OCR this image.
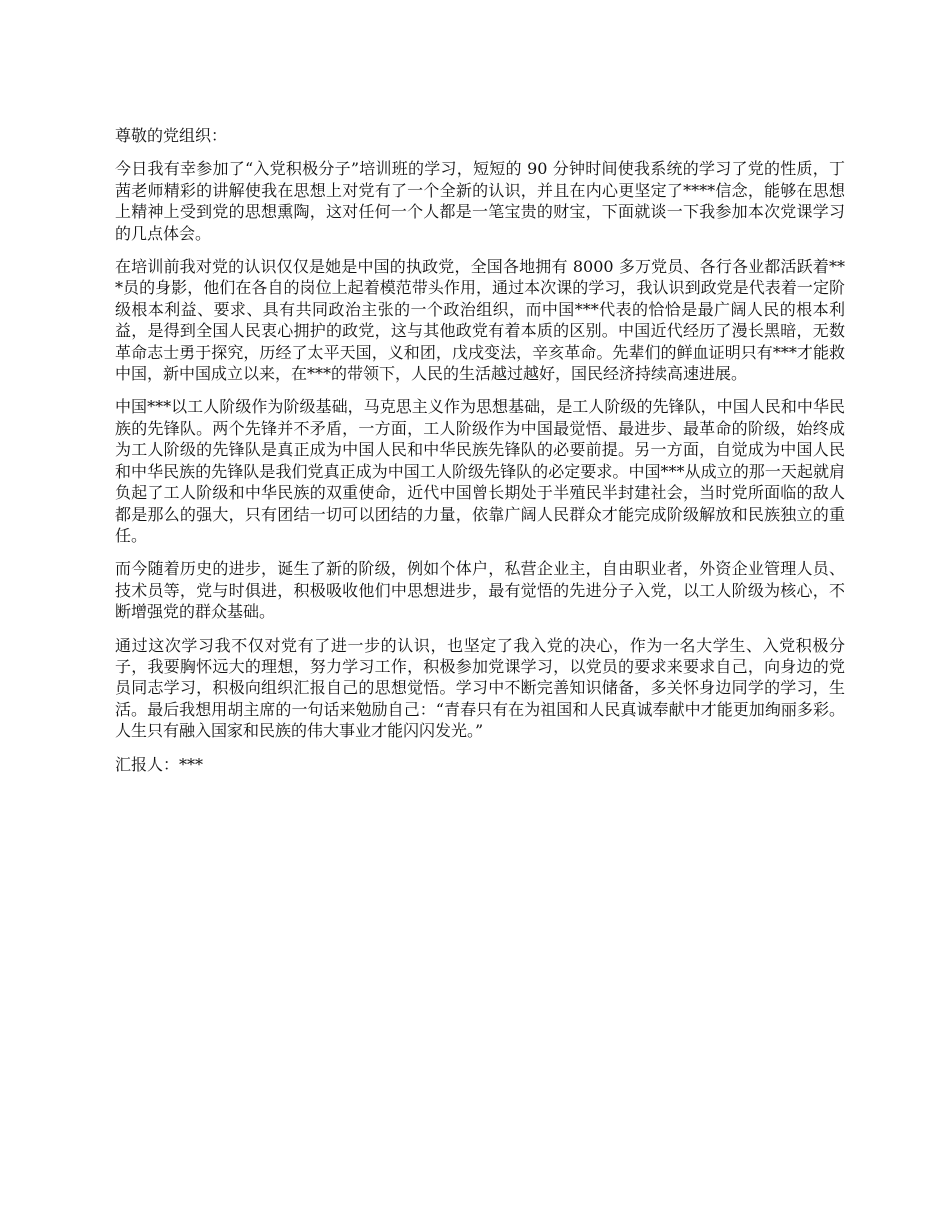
尊敬的党组织：

今日我有幸参加了“入党积极分子”培训班的学习，短短的 90 分钟时间使我系统的学习了党的性质，丁茜老师精彩的讲解使我在思想上对党有了一个全新的认识，并且在内心更坚定了****信念，能够在思想上精神上受到党的思想熏陶，这对任何一个人都是一笔宝贵的财宝，下面就谈一下我参加本次党课学习的几点体会。

在培训前我对党的认识仅仅是她是中国的执政党，全国各地拥有 8000 多万党员、各行各业都活跃着***员的身影，他们在各自的岗位上起着模范带头作用，通过本次课的学习，我认识到政党是代表着一定阶级根本利益、要求、具有共同政治主张的一个政治组织，而中国***代表的恰恰是最广阔人民的根本利益，是得到全国人民衷心拥护的政党，这与其他政党有着本质的区别。中国近代经历了漫长黑暗，无数革命志士勇于探究，历经了太平天国，义和团，戊戌变法，辛亥革命。先辈们的鲜血证明只有***才能救中国，新中国成立以来，在***的带领下，人民的生活越过越好，国民经济持续高速进展。

中国***以工人阶级作为阶级基础，马克思主义作为思想基础，是工人阶级的先锋队，中国人民和中华民族的先锋队。两个先锋并不矛盾，一方面，工人阶级作为中国最觉悟、最进步、最革命的阶级，始终成为工人阶级的先锋队是真正成为中国人民和中华民族先锋队的必要前提。另一方面，自觉成为中国人民和中华民族的先锋队是我们党真正成为中国工人阶级先锋队的必定要求。中国***从成立的那一天起就肩负起了工人阶级和中华民族的双重使命，近代中国曾长期处于半殖民半封建社会，当时党所面临的敌人都是那么的强大，只有团结一切可以团结的力量，依靠广阔人民群众才能完成阶级解放和民族独立的重任。

而今随着历史的进步，诞生了新的阶级，例如个体户，私营企业主，自由职业者，外资企业管理人员、技术员等，党与时俱进，积极吸收他们中思想进步，最有觉悟的先进分子入党，以工人阶级为核心，不断增强党的群众基础。

通过这次学习我不仅对党有了进一步的认识，也坚定了我入党的决心，作为一名大学生、入党积极分子，我要胸怀远大的理想，努力学习工作，积极参加党课学习，以党员的要求来要求自己，向身边的党员同志学习，积极向组织汇报自己的思想觉悟。学习中不断完善知识储备，多关怀身边同学的学习，生活。最后我想用胡主席的一句话来勉励自己：“青春只有在为祖国和人民真诚奉献中才能更加绚丽多彩。人生只有融入国家和民族的伟大事业才能闪闪发光。”

汇报人：***
